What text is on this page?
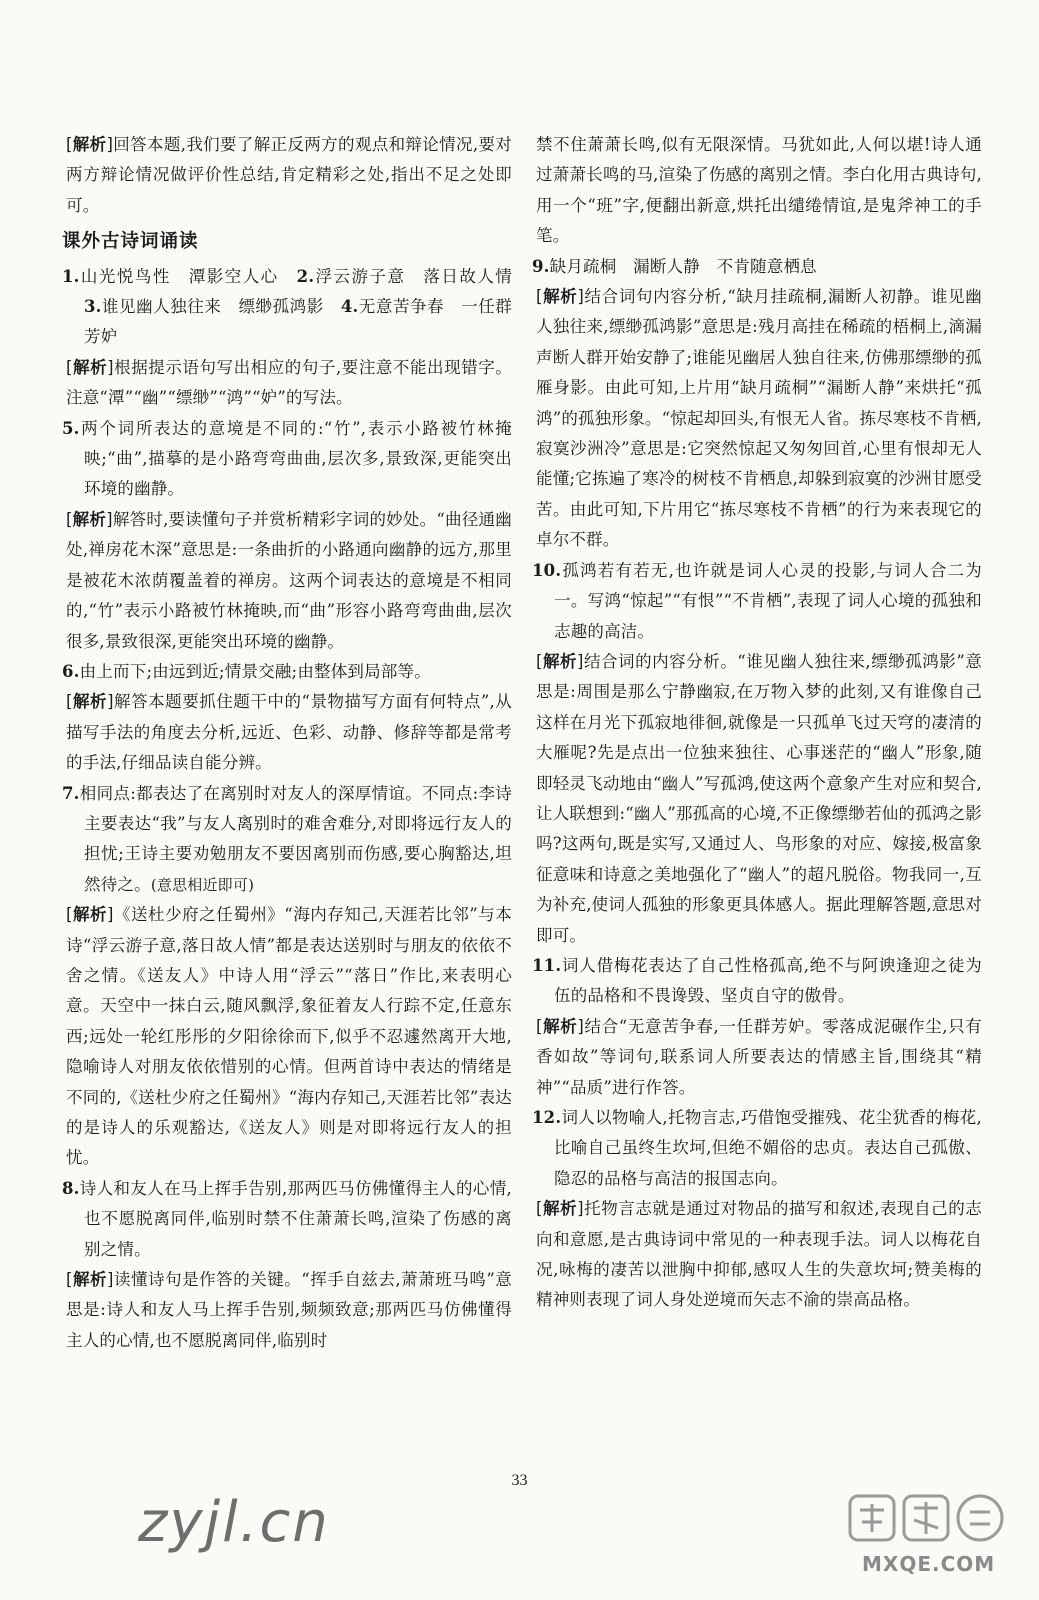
[解析]回答本题,我们要了解正反两方的观点和辩论情况,要对两方辩论情况做评价性总结,肯定精彩之处,指出不足之处即可。

课外古诗词诵读

1.山光悦鸟性　潭影空人心　 2.浮云游子意　落日故人情　3.谁见幽人独往来　缥缈孤鸿影　 4.无意苦争春　一任群芳妒

[解析]根据提示语句写出相应的句子,要注意不能出现错字。注意“潭”“幽”“缥缈”“鸿”“妒”的写法。

5.两个词所表达的意境是不同的:“竹”,表示小路被竹林掩映;“曲”,描摹的是小路弯弯曲曲,层次多,景致深,更能突出环境的幽静。

[解析]解答时,要读懂句子并赏析精彩字词的妙处。“曲径通幽处,禅房花木深”意思是:一条曲折的小路通向幽静的远方,那里是被花木浓荫覆盖着的禅房。这两个词表达的意境是不相同的,“竹”表示小路被竹林掩映,而“曲”形容小路弯弯曲曲,层次很多,景致很深,更能突出环境的幽静。

6.由上而下;由远到近;情景交融;由整体到局部等。

[解析]解答本题要抓住题干中的“景物描写方面有何特点”,从描写手法的角度去分析,远近、色彩、动静、修辞等都是常考的手法,仔细品读自能分辨。

7.相同点:都表达了在离别时对友人的深厚情谊。不同点:李诗主要表达“我”与友人离别时的难舍难分,对即将远行友人的担忧;王诗主要劝勉朋友不要因离别而伤感,要心胸豁达,坦然待之。(意思相近即可)

[解析]《送杜少府之任蜀州》“海内存知己,天涯若比邻”与本诗“浮云游子意,落日故人情”都是表达送别时与朋友的依依不舍之情。《送友人》中诗人用“浮云”“落日”作比,来表明心意。天空中一抹白云,随风飘浮,象征着友人行踪不定,任意东西;远处一轮红彤彤的夕阳徐徐而下,似乎不忍遽然离开大地,隐喻诗人对朋友依依惜别的心情。但两首诗中表达的情绪是不同的,《送杜少府之任蜀州》“海内存知己,天涯若比邻”表达的是诗人的乐观豁达,《送友人》则是对即将远行友人的担忧。

8.诗人和友人在马上挥手告别,那两匹马仿佛懂得主人的心情,也不愿脱离同伴,临别时禁不住萧萧长鸣,渲染了伤感的离别之情。

[解析]读懂诗句是作答的关键。“挥手自兹去,萧萧班马鸣”意思是:诗人和友人马上挥手告别,频频致意;那两匹马仿佛懂得主人的心情,也不愿脱离同伴,临别时

禁不住萧萧长鸣,似有无限深情。马犹如此,人何以堪!诗人通过萧萧长鸣的马,渲染了伤感的离别之情。李白化用古典诗句,用一个“班”字,便翻出新意,烘托出缱绻情谊,是鬼斧神工的手笔。

9.缺月疏桐　漏断人静　不肯随意栖息

[解析]结合词句内容分析,“缺月挂疏桐,漏断人初静。谁见幽人独往来,缥缈孤鸿影”意思是:残月高挂在稀疏的梧桐上,滴漏声断人群开始安静了;谁能见幽居人独自往来,仿佛那缥缈的孤雁身影。由此可知,上片用“缺月疏桐”“漏断人静”来烘托“孤鸿”的孤独形象。“惊起却回头,有恨无人省。拣尽寒枝不肯栖,寂寞沙洲冷”意思是:它突然惊起又匆匆回首,心里有恨却无人能懂;它拣遍了寒冷的树枝不肯栖息,却躲到寂寞的沙洲甘愿受苦。由此可知,下片用它“拣尽寒枝不肯栖”的行为来表现它的卓尔不群。

10.孤鸿若有若无,也许就是词人心灵的投影,与词人合二为一。写鸿“惊起”“有恨”“不肯栖”,表现了词人心境的孤独和志趣的高洁。

[解析]结合词的内容分析。“谁见幽人独往来,缥缈孤鸿影”意思是:周围是那么宁静幽寂,在万物入梦的此刻,又有谁像自己这样在月光下孤寂地徘徊,就像是一只孤单飞过天穹的凄清的大雁呢?先是点出一位独来独往、心事迷茫的“幽人”形象,随即轻灵飞动地由“幽人”写孤鸿,使这两个意象产生对应和契合,让人联想到:“幽人”那孤高的心境,不正像缥缈若仙的孤鸿之影吗?这两句,既是实写,又通过人、鸟形象的对应、嫁接,极富象征意味和诗意之美地强化了“幽人”的超凡脱俗。物我同一,互为补充,使词人孤独的形象更具体感人。据此理解答题,意思对即可。

11.词人借梅花表达了自己性格孤高,绝不与阿谀逢迎之徒为伍的品格和不畏谗毁、坚贞自守的傲骨。

[解析]结合“无意苦争春,一任群芳妒。零落成泥碾作尘,只有香如故”等词句,联系词人所要表达的情感主旨,围绕其“精神”“品质”进行作答。

12.词人以物喻人,托物言志,巧借饱受摧残、花尘犹香的梅花,比喻自己虽终生坎坷,但绝不媚俗的忠贞。表达自己孤傲、隐忍的品格与高洁的报国志向。

[解析]托物言志就是通过对物品的描写和叙述,表现自己的志向和意愿,是古典诗词中常见的一种表现手法。词人以梅花自况,咏梅的凄苦以泄胸中抑郁,感叹人生的失意坎坷;赞美梅的精神则表现了词人身处逆境而矢志不渝的崇高品格。

33
zyjl.cn
MXQE.COM
